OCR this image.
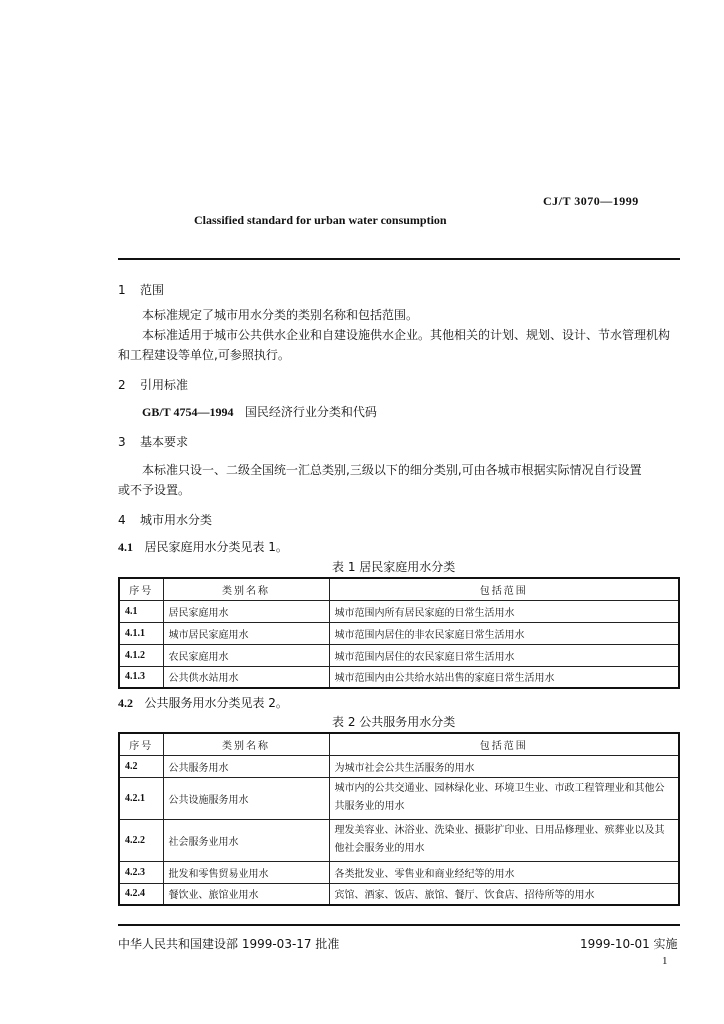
CJ/T 3070—1999
Classified standard for urban water consumption
1 范围
本标准规定了城市用水分类的类别名称和包括范围。
本标准适用于城市公共供水企业和自建设施供水企业。其他相关的计划、规划、设计、节水管理机构
和工程建设等单位,可参照执行。
2 引用标准
GB/T 4754—1994 国民经济行业分类和代码
3 基本要求
本标准只设一、二级全国统一汇总类别,三级以下的细分类别,可由各城市根据实际情况自行设置
或不予设置。
4 城市用水分类
4.1 居民家庭用水分类见表 1。
表 1 居民家庭用水分类
序号	类别名称	包括范围
4.1	居民家庭用水	城市范围内所有居民家庭的日常生活用水
4.1.1	城市居民家庭用水	城市范围内居住的非农民家庭日常生活用水
4.1.2	农民家庭用水	城市范围内居住的农民家庭日常生活用水
4.1.3	公共供水站用水	城市范围内由公共给水站出售的家庭日常生活用水
4.2 公共服务用水分类见表 2。
表 2 公共服务用水分类
序号	类别名称	包括范围
4.2	公共服务用水	为城市社会公共生活服务的用水
4.2.1	公共设施服务用水	城市内的公共交通业、园林绿化业、环境卫生业、市政工程管理业和其他公共服务业的用水
4.2.2	社会服务业用水	理发美容业、沐浴业、洗染业、摄影扩印业、日用品修理业、殡葬业以及其他社会服务业的用水
4.2.3	批发和零售贸易业用水	各类批发业、零售业和商业经纪等的用水
4.2.4	餐饮业、旅馆业用水	宾馆、酒家、饭店、旅馆、餐厅、饮食店、招待所等的用水
中华人民共和国建设部 1999-03-17 批准	1999-10-01 实施
1
